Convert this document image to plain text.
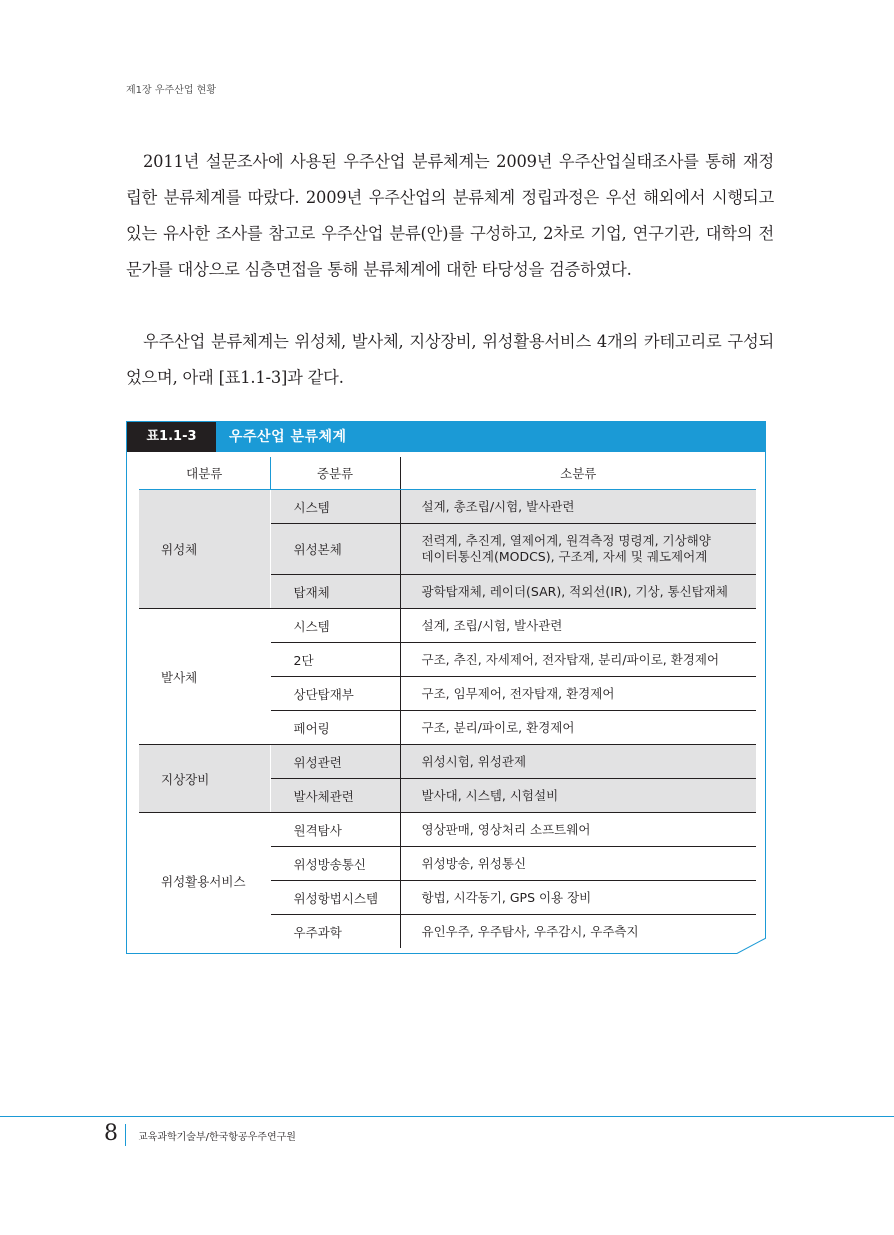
제1장 우주산업 현황

2011년 설문조사에 사용된 우주산업 분류체계는 2009년 우주산업실태조사를 통해 재정립한 분류체계를 따랐다. 2009년 우주산업의 분류체계 정립과정은 우선 해외에서 시행되고 있는 유사한 조사를 참고로 우주산업 분류(안)를 구성하고, 2차로 기업, 연구기관, 대학의 전문가를 대상으로 심층면접을 통해 분류체계에 대한 타당성을 검증하였다.

우주산업 분류체계는 위성체, 발사체, 지상장비, 위성활용서비스 4개의 카테고리로 구성되었으며, 아래 [표1.1-3]과 같다.

표1.1-3	우주산업 분류체계
대분류	중분류	소분류
위성체	시스템	설계, 총조립/시험, 발사관련
	위성본체	전력계, 추진계, 열제어계, 원격측정 명령계, 기상해양
데이터통신계(MODCS), 구조계, 자세 및 궤도제어계

	탑재체	광학탑재체, 레이더(SAR), 적외선(IR), 기상, 통신탑재체
발사체	시스템	설계, 조립/시험, 발사관련
	2단	구조, 추진, 자세제어, 전자탑재, 분리/파이로, 환경제어
	상단탑재부	구조, 임무제어, 전자탑재, 환경제어
	페어링	구조, 분리/파이로, 환경제어
지상장비	위성관련	위성시험, 위성관제
	발사체관련	발사대, 시스템, 시험설비
위성활용서비스	원격탐사	영상판매, 영상처리 소프트웨어
	위성방송통신	위성방송, 위성통신
	위성항법시스템	항법, 시각동기, GPS 이용 장비
	우주과학	유인우주, 우주탐사, 우주감시, 우주측지
8 교육과학기술부/한국항공우주연구원
